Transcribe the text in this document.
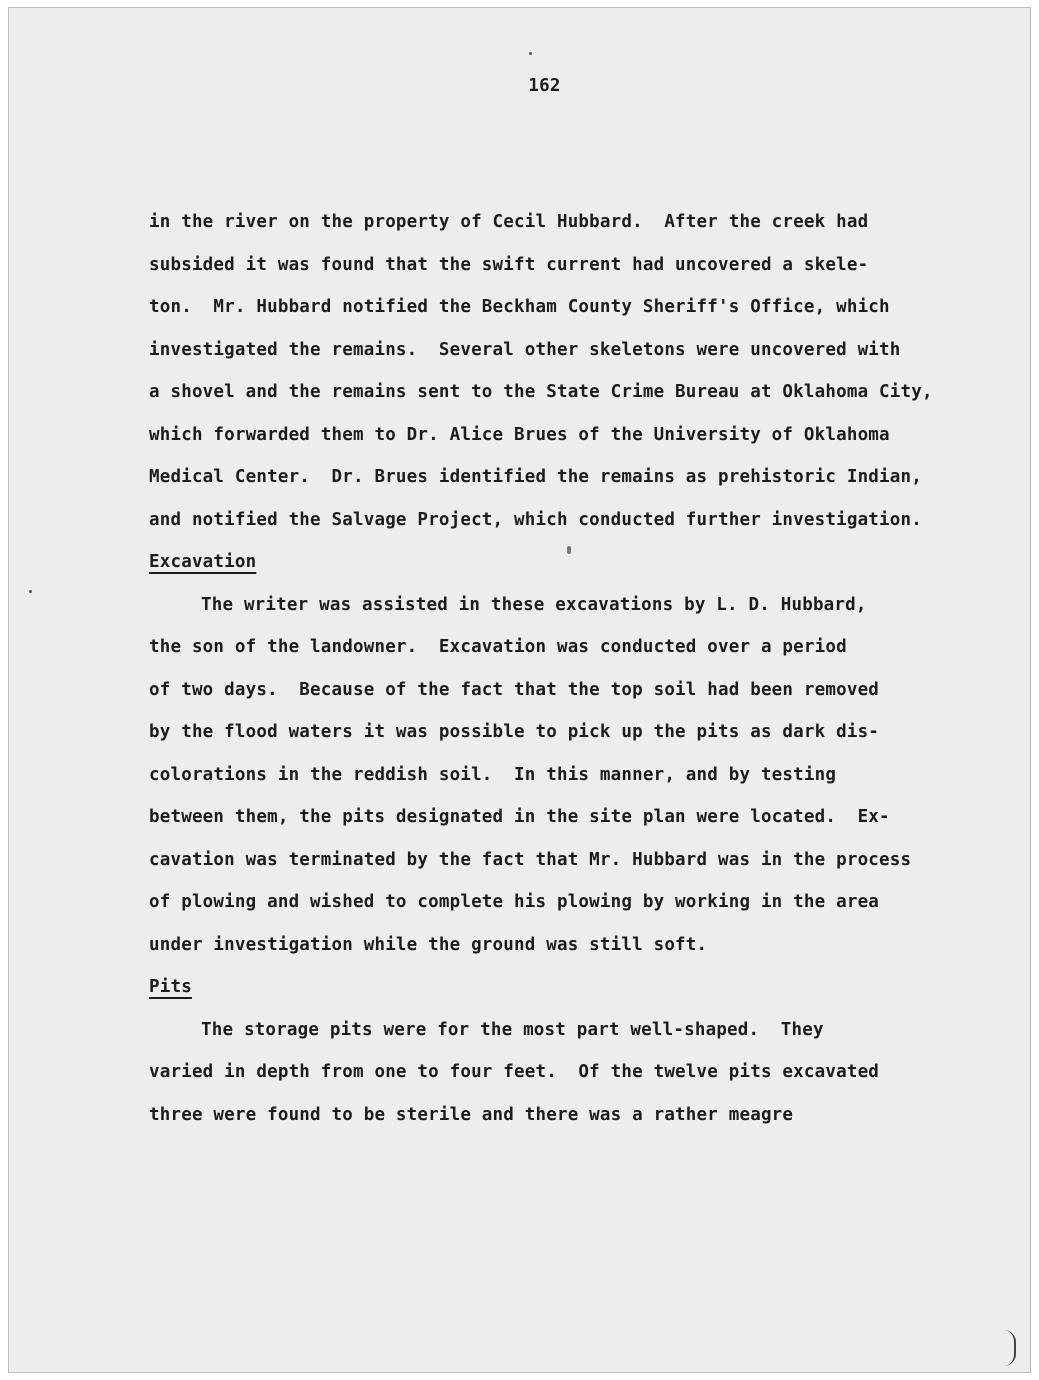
162
in the river on the property of Cecil Hubbard.  After the creek had
subsided it was found that the swift current had uncovered a skele-
ton.  Mr. Hubbard notified the Beckham County Sheriff's Office, which
investigated the remains.  Several other skeletons were uncovered with
a shovel and the remains sent to the State Crime Bureau at Oklahoma City,
which forwarded them to Dr. Alice Brues of the University of Oklahoma
Medical Center.  Dr. Brues identified the remains as prehistoric Indian,
and notified the Salvage Project, which conducted further investigation.
Excavation
The writer was assisted in these excavations by L. D. Hubbard,
the son of the landowner.  Excavation was conducted over a period
of two days.  Because of the fact that the top soil had been removed
by the flood waters it was possible to pick up the pits as dark dis-
colorations in the reddish soil.  In this manner, and by testing
between them, the pits designated in the site plan were located.  Ex-
cavation was terminated by the fact that Mr. Hubbard was in the process
of plowing and wished to complete his plowing by working in the area
under investigation while the ground was still soft.
Pits
The storage pits were for the most part well-shaped.  They
varied in depth from one to four feet.  Of the twelve pits excavated
three were found to be sterile and there was a rather meagre
